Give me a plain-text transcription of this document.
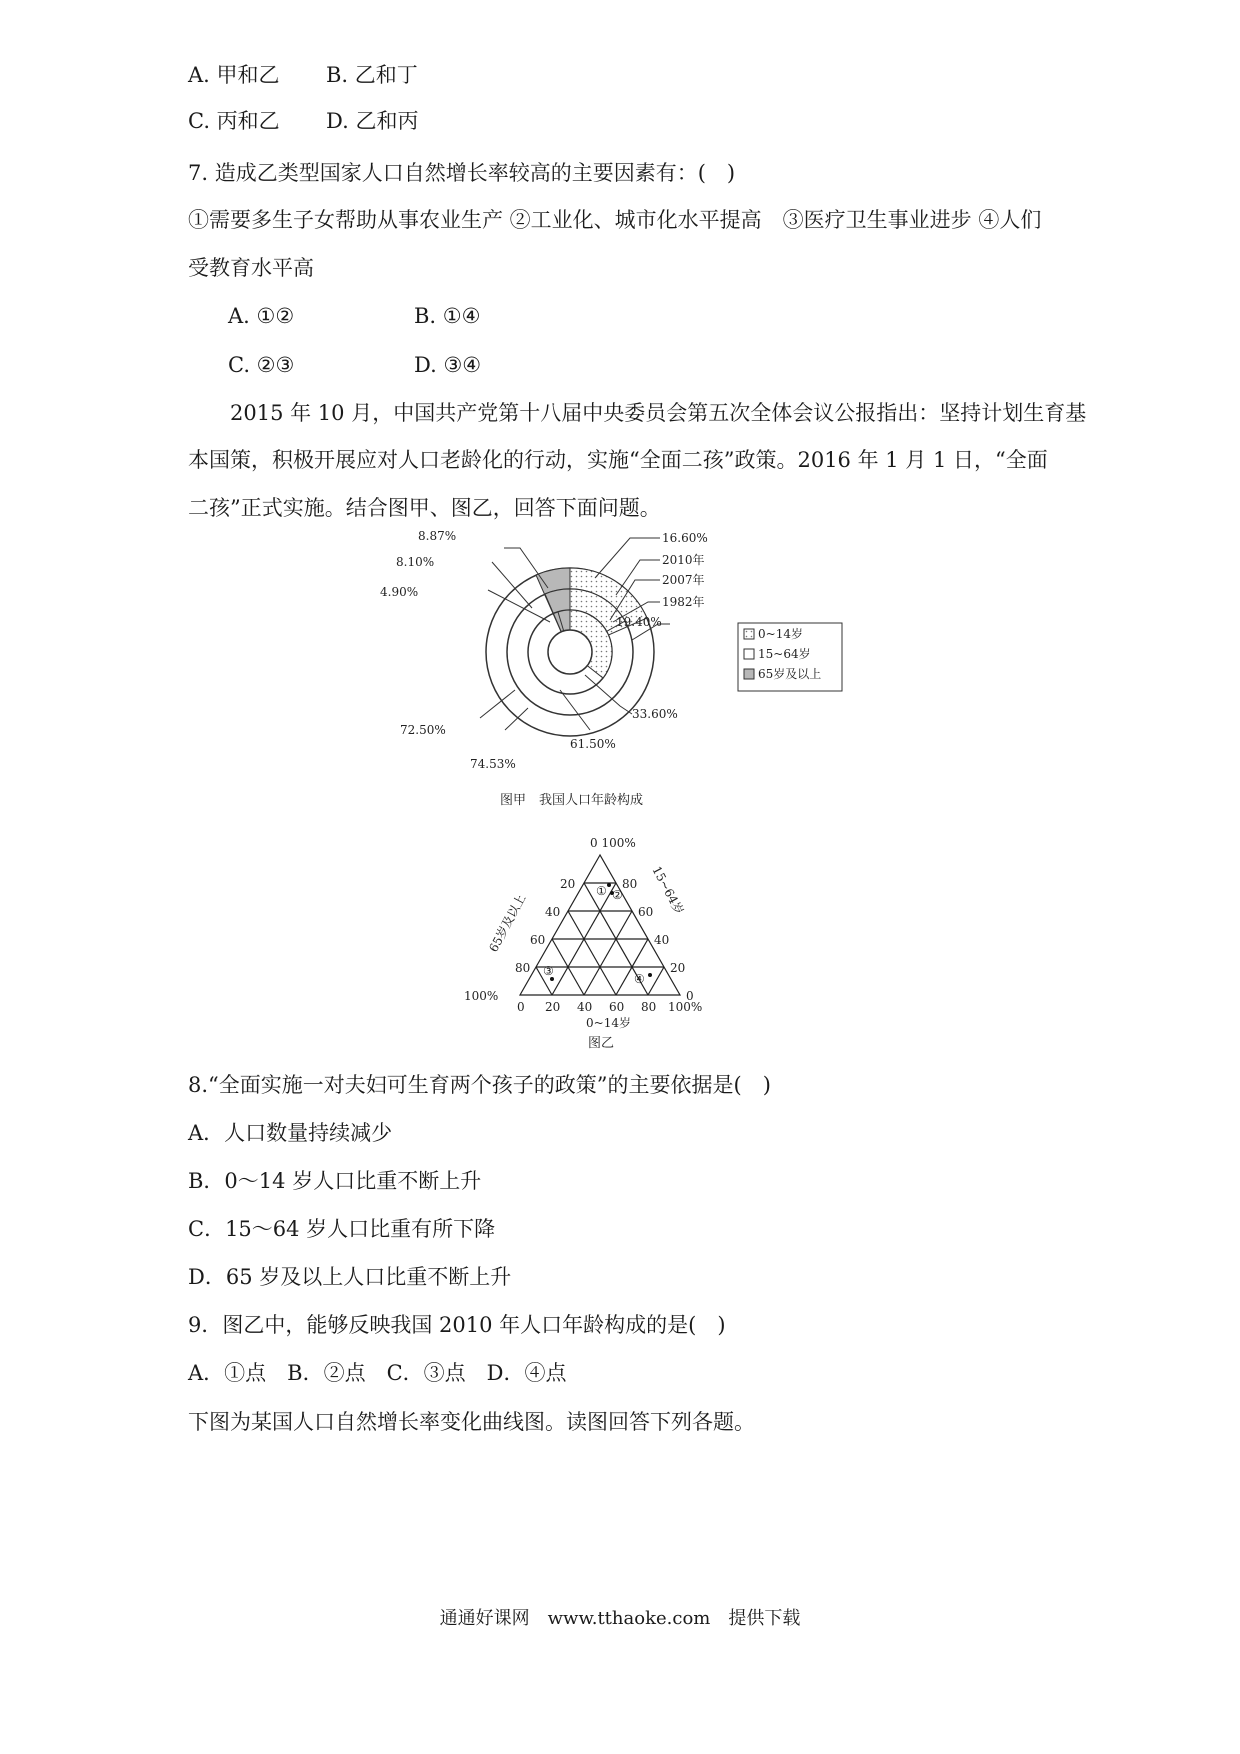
A. 甲和乙 B. 乙和丁
C. 丙和乙 D. 乙和丙
7. 造成乙类型国家人口自然增长率较高的主要因素有：(　)
①需要多生子女帮助从事农业生产 ②工业化、城市化水平提高　③医疗卫生事业进步 ④人们
受教育水平高
A. ①②	B. ①④
C. ②③	D. ③④
2015 年 10 月，中国共产党第十八届中央委员会第五次全体会议公报指出：坚持计划生育基
本国策，积极开展应对人口老龄化的行动，实施“全面二孩”政策。2016 年 1 月 1 日，“全面
二孩”正式实施。结合图甲、图乙，回答下面问题。
16.60%
2010年
2007年
1982年
19.40%
33.60%
61.50%
74.53%
72.50%
4.90%
8.10%
8.87%
0~14岁
15~64岁
65岁及以上
图甲　我国人口年龄构成
① ②
③
④
0 100%
20
40
60
80
100%
80
60
40
20
0
0 20 40 60 80 100%
0~14岁
65岁及以上
15~64岁
图乙
8.“全面实施一对夫妇可生育两个孩子的政策”的主要依据是(　)
A．人口数量持续减少
B．0～14 岁人口比重不断上升
C．15～64 岁人口比重有所下降
D．65 岁及以上人口比重不断上升
9．图乙中，能够反映我国 2010 年人口年龄构成的是(　)
A．①点　B．②点　C．③点　D．④点
下图为某国人口自然增长率变化曲线图。读图回答下列各题。
通通好课网　www.tthaoke.com　提供下载
